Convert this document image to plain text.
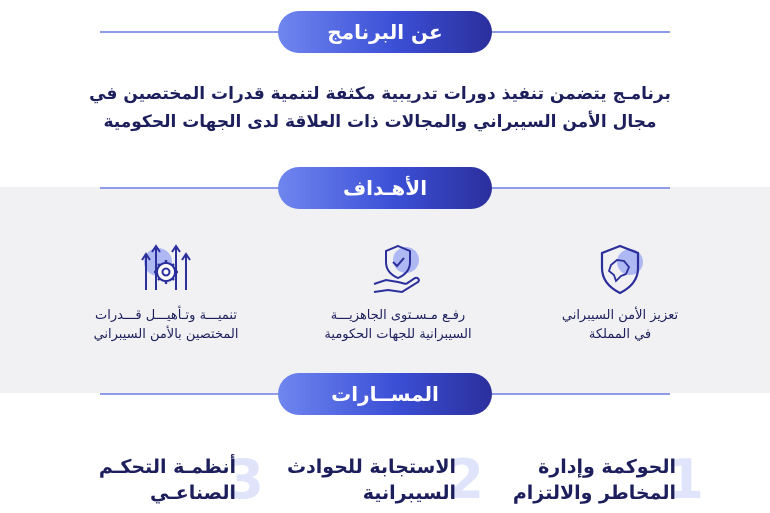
عن البرنامج
برنامـج يتضمن تنفيذ دورات تدريبية مكثفة لتنمية قدرات المختصين في
مجال الأمن السيبراني والمجالات ذات العلاقة لدى الجهات الحكومية
الأهـداف
تعزيز الأمن السيبراني
في المملكة
رفـع مـسـتوى الجاهزيـــة
السيبرانية للجهات الحكومية
تنميـــة وتـأهيـــل قـــدرات
المختصين بالأمن السيبراني
المســارات
1
الحوكمة وإدارة
المخاطر والالتزام
2
الاستجابة للحوادث
السيبرانية
3
أنظمـة التحكـم
الصناعـي
